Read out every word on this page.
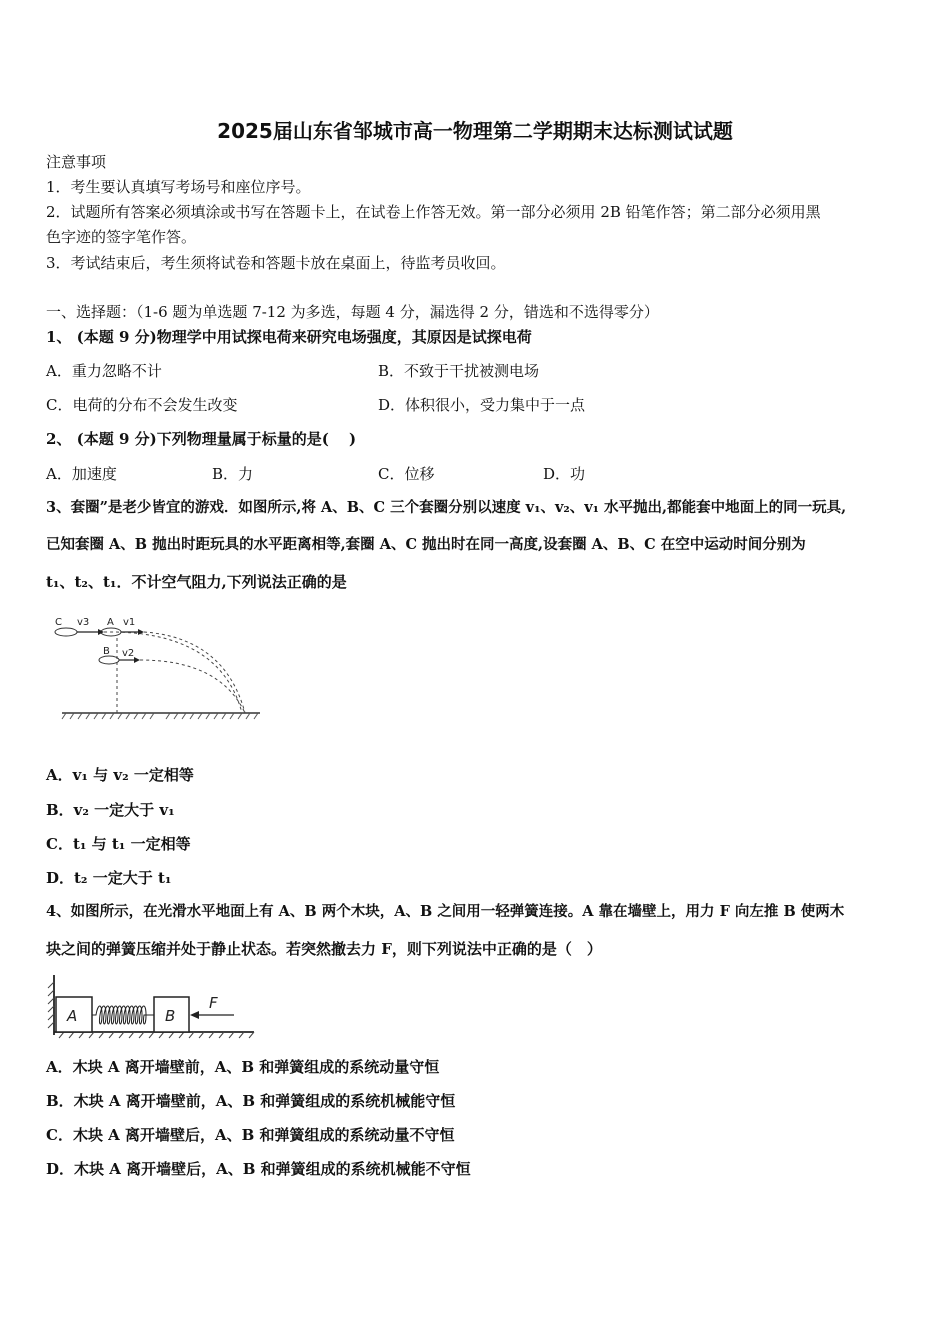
2025届山东省邹城市高一物理第二学期期末达标测试试题
注意事项
1．考生要认真填写考场号和座位序号。
2．试题所有答案必须填涂或书写在答题卡上，在试卷上作答无效。第一部分必须用 2B 铅笔作答；第二部分必须用黑
色字迹的签字笔作答。
3．考试结束后，考生须将试卷和答题卡放在桌面上，待监考员收回。
一、选择题：（1-6 题为单选题 7-12 为多选，每题 4 分，漏选得 2 分，错选和不选得零分）
1、 (本题 9 分)物理学中用试探电荷来研究电场强度，其原因是试探电荷
A．重力忽略不计	B．不致于干扰被测电场
C．电荷的分布不会发生改变	D．体积很小，受力集中于一点
2、 (本题 9 分)下列物理量属于标量的是(　 )
A．加速度	B．力	C．位移	D．功
3、套圈”是老少皆宜的游戏．如图所示,将 A、B、C 三个套圈分别以速度 v₁、v₂、v₁ 水平抛出,都能套中地面上的同一玩具,
已知套圈 A、B 抛出时距玩具的水平距离相等,套圈 A、C 抛出时在同一高度,设套圈 A、B、C 在空中运动时间分别为
t₁、t₂、t₁．不计空气阻力,下列说法正确的是
C v3 A v1
B v2
A．v₁ 与 v₂ 一定相等
B．v₂ 一定大于 v₁
C．t₁ 与 t₁ 一定相等
D．t₂ 一定大于 t₁
4、如图所示，在光滑水平地面上有 A、B 两个木块，A、B 之间用一轻弹簧连接。A 靠在墙壁上，用力 F 向左推 B 使两木
块之间的弹簧压缩并处于静止状态。若突然撤去力 F，则下列说法中正确的是（　）
A	B
F
A．木块 A 离开墙壁前，A、B 和弹簧组成的系统动量守恒
B．木块 A 离开墙壁前，A、B 和弹簧组成的系统机械能守恒
C．木块 A 离开墙壁后，A、B 和弹簧组成的系统动量不守恒
D．木块 A 离开墙壁后，A、B 和弹簧组成的系统机械能不守恒
